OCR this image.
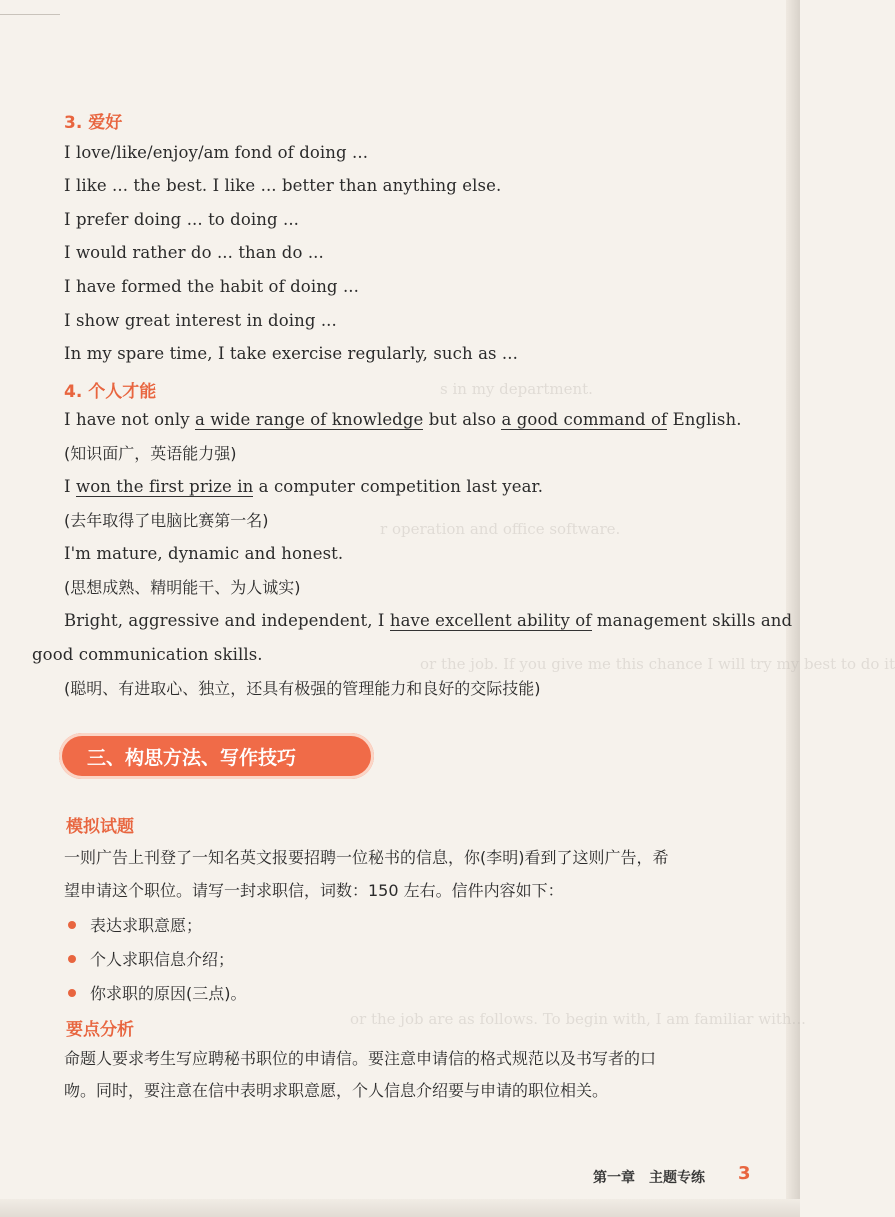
s in my department.
r operation and office software.
or the job. If you give me this chance I will try my best to do it
or the job are as follows. To begin with, I am familiar with...
3. 爱好
I love/like/enjoy/am fond of doing ...
I like ... the best. I like ... better than anything else.
I prefer doing ... to doing ...
I would rather do ... than do ...
I have formed the habit of doing ...
I show great interest in doing ...
In my spare time, I take exercise regularly, such as ...
4. 个人才能
I have not only a wide range of knowledge but also a good command of English.
(知识面广，英语能力强)
I won the first prize in a computer competition last year.
(去年取得了电脑比赛第一名)
I'm mature, dynamic and honest.
(思想成熟、精明能干、为人诚实)
Bright, aggressive and independent, I have excellent ability of management skills and
good communication skills.
(聪明、有进取心、独立，还具有极强的管理能力和良好的交际技能)
三、构思方法、写作技巧
模拟试题
一则广告上刊登了一知名英文报要招聘一位秘书的信息，你(李明)看到了这则广告，希
望申请这个职位。请写一封求职信，词数：150 左右。信件内容如下：
表达求职意愿；
个人求职信息介绍；
你求职的原因(三点)。
要点分析
命题人要求考生写应聘秘书职位的申请信。要注意申请信的格式规范以及书写者的口
吻。同时，要注意在信中表明求职意愿，个人信息介绍要与申请的职位相关。
第一章　主题专练 3
